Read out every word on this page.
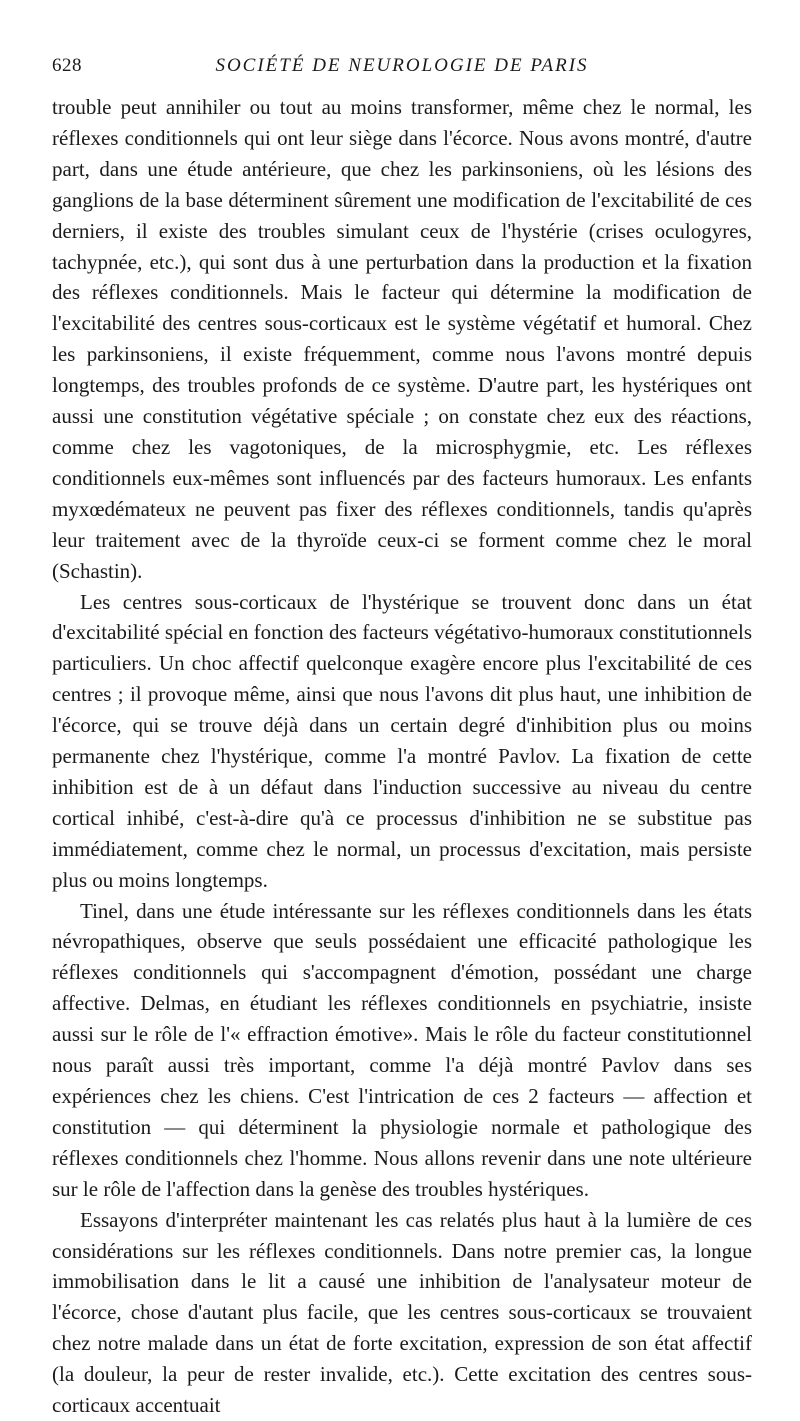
628	SOCIÉTÉ DE NEUROLOGIE DE PARIS

trouble peut annihiler ou tout au moins transformer, même chez le normal, les réflexes conditionnels qui ont leur siège dans l'écorce. Nous avons montré, d'autre part, dans une étude antérieure, que chez les parkinsoniens, où les lésions des ganglions de la base déterminent sûrement une modification de l'excitabilité de ces derniers, il existe des troubles simulant ceux de l'hystérie (crises oculogyres, tachypnée, etc.), qui sont dus à une perturbation dans la production et la fixation des réflexes conditionnels. Mais le facteur qui détermine la modification de l'excitabilité des centres sous-corticaux est le système végétatif et humoral. Chez les parkinsoniens, il existe fréquemment, comme nous l'avons montré depuis longtemps, des troubles profonds de ce système. D'autre part, les hystériques ont aussi une constitution végétative spéciale ; on constate chez eux des réactions, comme chez les vagotoniques, de la microsphygmie, etc. Les réflexes conditionnels eux-mêmes sont influencés par des facteurs humoraux. Les enfants myxœdémateux ne peuvent pas fixer des réflexes conditionnels, tandis qu'après leur traitement avec de la thyroïde ceux-ci se forment comme chez le moral (Schastin).

Les centres sous-corticaux de l'hystérique se trouvent donc dans un état d'excitabilité spécial en fonction des facteurs végétativo-humoraux constitutionnels particuliers. Un choc affectif quelconque exagère encore plus l'excitabilité de ces centres ; il provoque même, ainsi que nous l'avons dit plus haut, une inhibition de l'écorce, qui se trouve déjà dans un certain degré d'inhibition plus ou moins permanente chez l'hystérique, comme l'a montré Pavlov. La fixation de cette inhibition est de à un défaut dans l'induction successive au niveau du centre cortical inhibé, c'est-à-dire qu'à ce processus d'inhibition ne se substitue pas immédiatement, comme chez le normal, un processus d'excitation, mais persiste plus ou moins longtemps.

Tinel, dans une étude intéressante sur les réflexes conditionnels dans les états névropathiques, observe que seuls possédaient une efficacité pathologique les réflexes conditionnels qui s'accompagnent d'émotion, possédant une charge affective. Delmas, en étudiant les réflexes conditionnels en psychiatrie, insiste aussi sur le rôle de l'« effraction émotive». Mais le rôle du facteur constitutionnel nous paraît aussi très important, comme l'a déjà montré Pavlov dans ses expériences chez les chiens. C'est l'intrication de ces 2 facteurs — affection et constitution — qui déterminent la physiologie normale et pathologique des réflexes conditionnels chez l'homme. Nous allons revenir dans une note ultérieure sur le rôle de l'affection dans la genèse des troubles hystériques.

Essayons d'interpréter maintenant les cas relatés plus haut à la lumière de ces considérations sur les réflexes conditionnels. Dans notre premier cas, la longue immobilisation dans le lit a causé une inhibition de l'analysateur moteur de l'écorce, chose d'autant plus facile, que les centres sous-corticaux se trouvaient chez notre malade dans un état de forte excitation, expression de son état affectif (la douleur, la peur de rester invalide, etc.). Cette excitation des centres sous-corticaux accentuait
